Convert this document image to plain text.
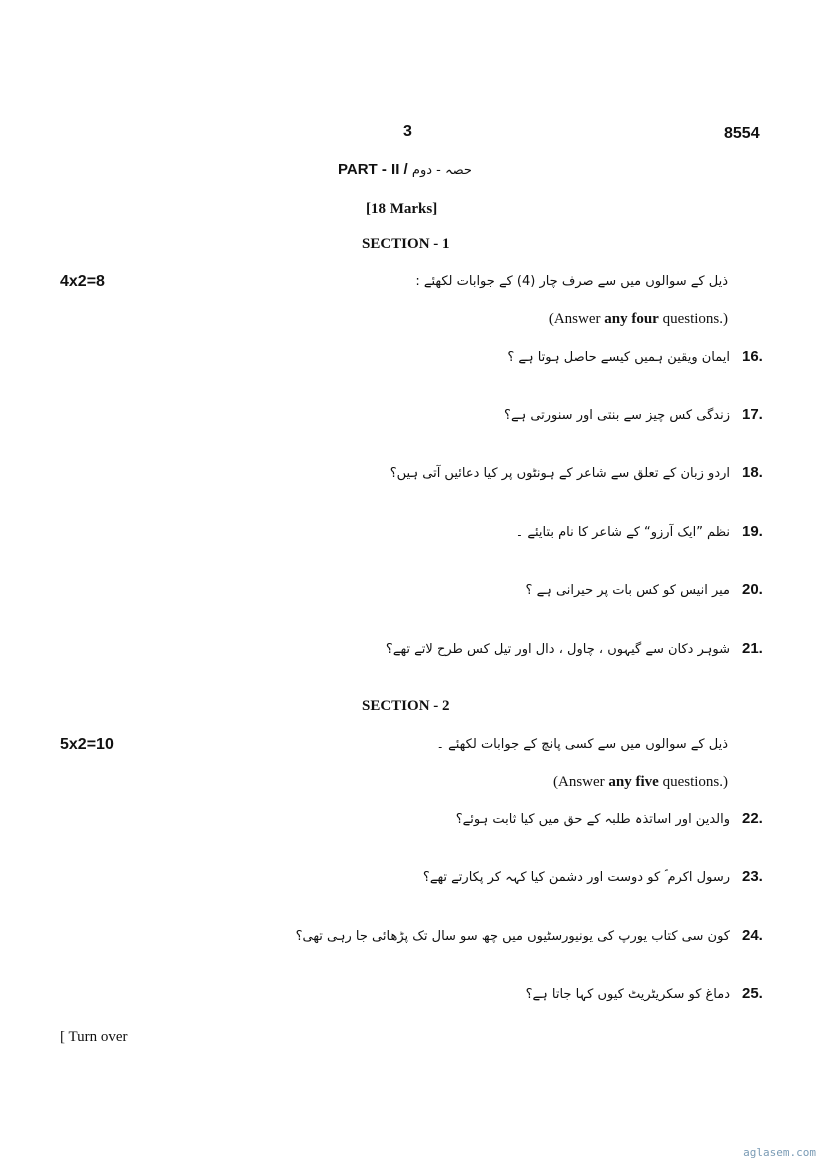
3	8554
PART - II / حصہ - دوم
[18 Marks]
SECTION - 1
4x2=8	ذیل کے سوالوں میں سے صرف چار (4) کے جوابات لکھئے :
(Answer any four questions.)
ایمان ویقین ہمیں کیسے حاصل ہوتا ہے ؟ 16.
زندگی کس چیز سے بنتی اور سنورتی ہے؟ 17.
اردو زبان کے تعلق سے شاعر کے ہونٹوں پر کیا دعائیں آتی ہیں؟ 18.
نظم ”ایک آرزو“ کے شاعر کا نام بتایئے ۔ 19.
میر انیس کو کس بات پر حیرانی ہے ؟ 20.
شوہر دکان سے گیہوں ، چاول ، دال اور تیل کس طرح لاتے تھے؟ 21.
SECTION - 2
5x2=10	ذیل کے سوالوں میں سے کسی پانچ کے جوابات لکھئے ۔
(Answer any five questions.)
والدین اور اساتذہ طلبہ کے حق میں کیا ثابت ہوئے؟ 22.
رسول اکرم ؐ کو دوست اور دشمن کیا کہہ کر پکارتے تھے؟ 23.
کون سی کتاب یورپ کی یونیورسٹیوں میں چھ سو سال تک پڑھائی جا رہی تھی؟ 24.
دماغ کو سکریٹریٹ کیوں کہا جاتا ہے؟ 25.
[ Turn over
aglasem.com
